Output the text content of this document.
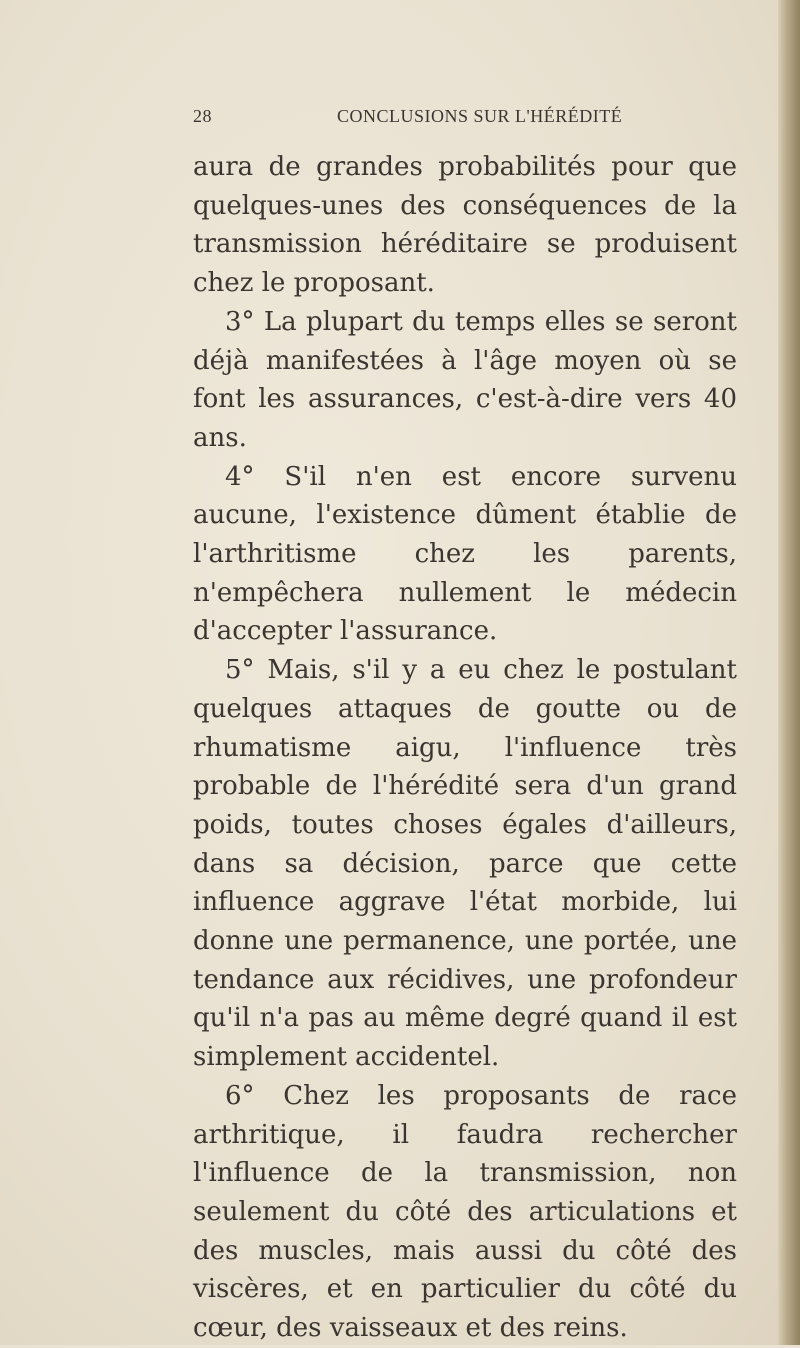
28	CONCLUSIONS SUR L'HÉRÉDITÉ

aura de grandes probabilités pour que quelques-unes des conséquences de la transmission héréditaire se produisent chez le proposant.

3° La plupart du temps elles se seront déjà manifestées à l'âge moyen où se font les assurances, c'est-à-dire vers 40 ans.

4° S'il n'en est encore survenu aucune, l'existence dûment établie de l'arthritisme chez les parents, n'empêchera nullement le médecin d'accepter l'assurance.

5° Mais, s'il y a eu chez le postulant quelques attaques de goutte ou de rhumatisme aigu, l'influence très probable de l'hérédité sera d'un grand poids, toutes choses égales d'ailleurs, dans sa décision, parce que cette influence aggrave l'état morbide, lui donne une permanence, une portée, une tendance aux récidives, une profondeur qu'il n'a pas au même degré quand il est simplement accidentel.

6° Chez les proposants de race arthritique, il faudra rechercher l'influence de la transmission, non seulement du côté des articulations et des muscles, mais aussi du côté des viscères, et en particulier du côté du cœur, des vaisseaux et des reins.
